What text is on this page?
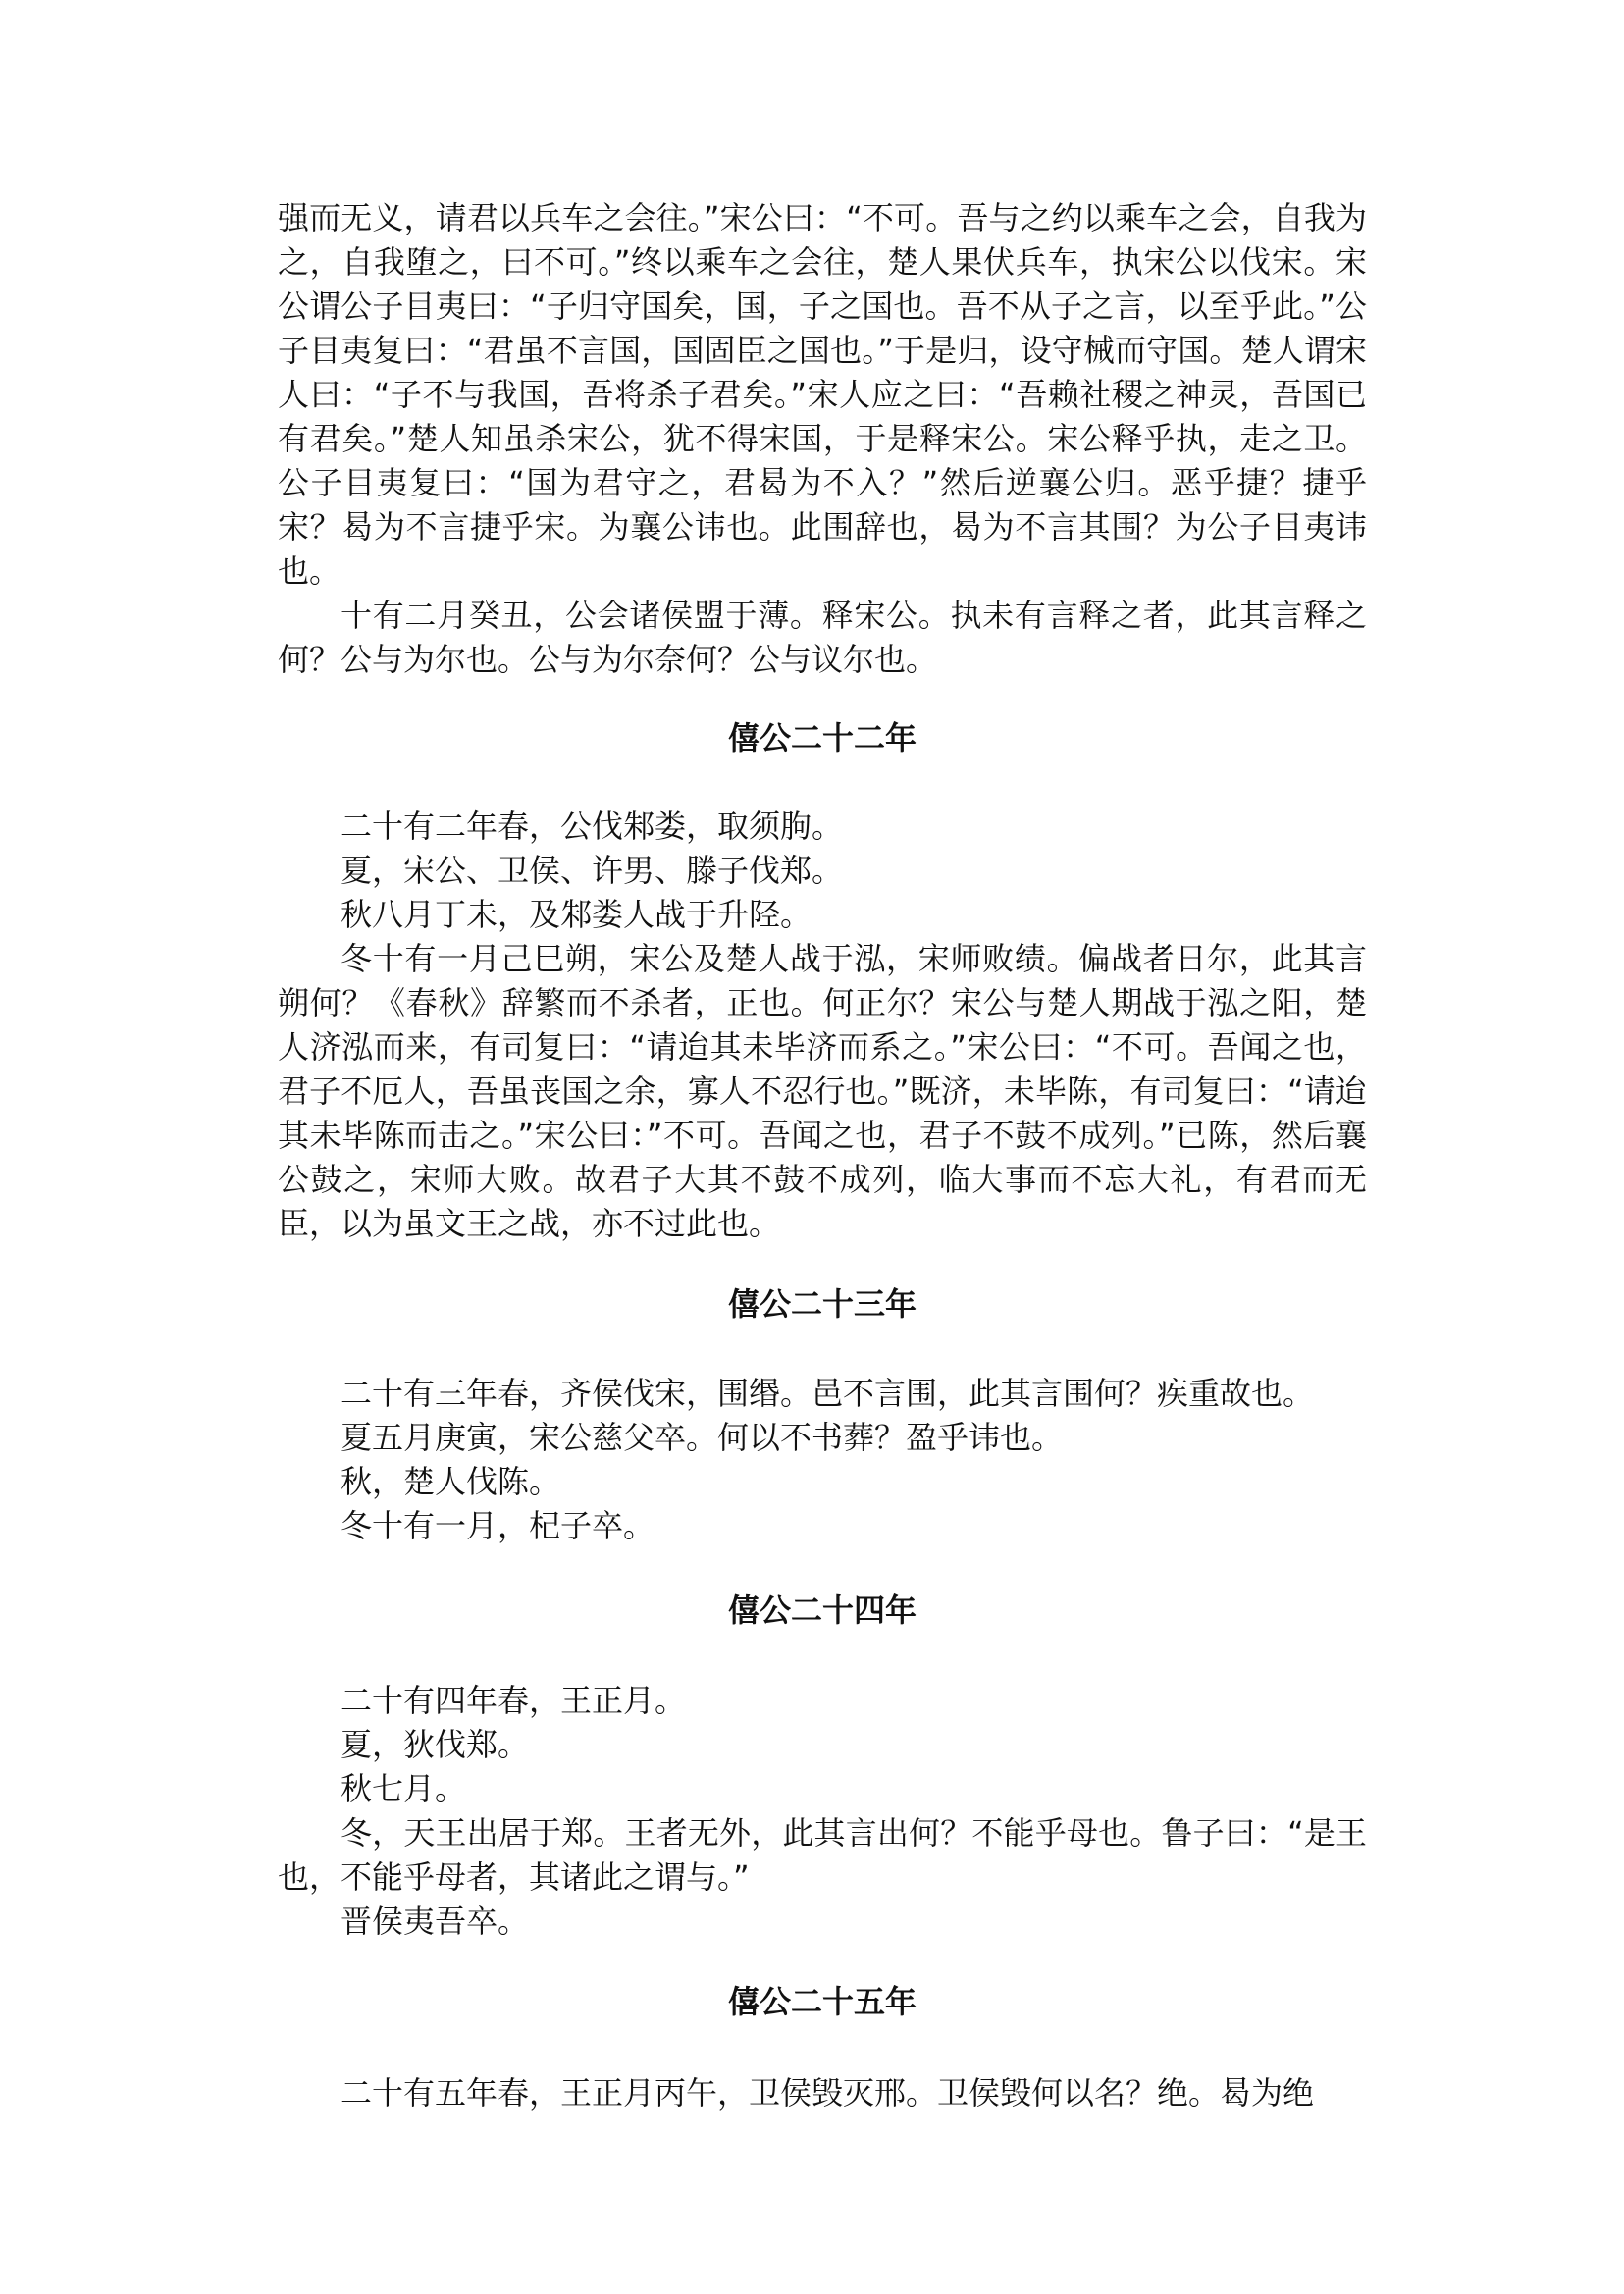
强而无义，请君以兵车之会往。”宋公曰：“不可。吾与之约以乘车之会，自我为之，自我堕之，曰不可。”终以乘车之会往，楚人果伏兵车，执宋公以伐宋。宋公谓公子目夷曰：“子归守国矣，国，子之国也。吾不从子之言，以至乎此。”公子目夷复曰：“君虽不言国，国固臣之国也。”于是归，设守械而守国。楚人谓宋人曰：“子不与我国，吾将杀子君矣。”宋人应之曰：“吾赖社稷之神灵，吾国已有君矣。”楚人知虽杀宋公，犹不得宋国，于是释宋公。宋公释乎执，走之卫。公子目夷复曰：“国为君守之，君曷为不入？”然后逆襄公归。恶乎捷？捷乎宋？曷为不言捷乎宋。为襄公讳也。此围辞也，曷为不言其围？为公子目夷讳也。

十有二月癸丑，公会诸侯盟于薄。释宋公。执未有言释之者，此其言释之何？公与为尔也。公与为尔奈何？公与议尔也。

僖公二十二年

二十有二年春，公伐邾娄，取须朐。

夏，宋公、卫侯、许男、滕子伐郑。

秋八月丁未，及邾娄人战于升陉。

冬十有一月己巳朔，宋公及楚人战于泓，宋师败绩。偏战者日尔，此其言朔何？《春秋》辞繁而不杀者，正也。何正尔？宋公与楚人期战于泓之阳，楚人济泓而来，有司复曰：“请迨其未毕济而系之。”宋公曰：“不可。吾闻之也，君子不厄人，吾虽丧国之余，寡人不忍行也。”既济，未毕陈，有司复曰：“请迨其未毕陈而击之。”宋公曰：”不可。吾闻之也，君子不鼓不成列。”已陈，然后襄公鼓之，宋师大败。故君子大其不鼓不成列，临大事而不忘大礼，有君而无臣，以为虽文王之战，亦不过此也。

僖公二十三年

二十有三年春，齐侯伐宋，围缗。邑不言围，此其言围何？疾重故也。

夏五月庚寅，宋公慈父卒。何以不书葬？盈乎讳也。

秋，楚人伐陈。

冬十有一月，杞子卒。

僖公二十四年

二十有四年春，王正月。

夏，狄伐郑。

秋七月。

冬，天王出居于郑。王者无外，此其言出何？不能乎母也。鲁子曰：“是王也，不能乎母者，其诸此之谓与。”

晋侯夷吾卒。

僖公二十五年

二十有五年春，王正月丙午，卫侯毁灭邢。卫侯毁何以名？绝。曷为绝
